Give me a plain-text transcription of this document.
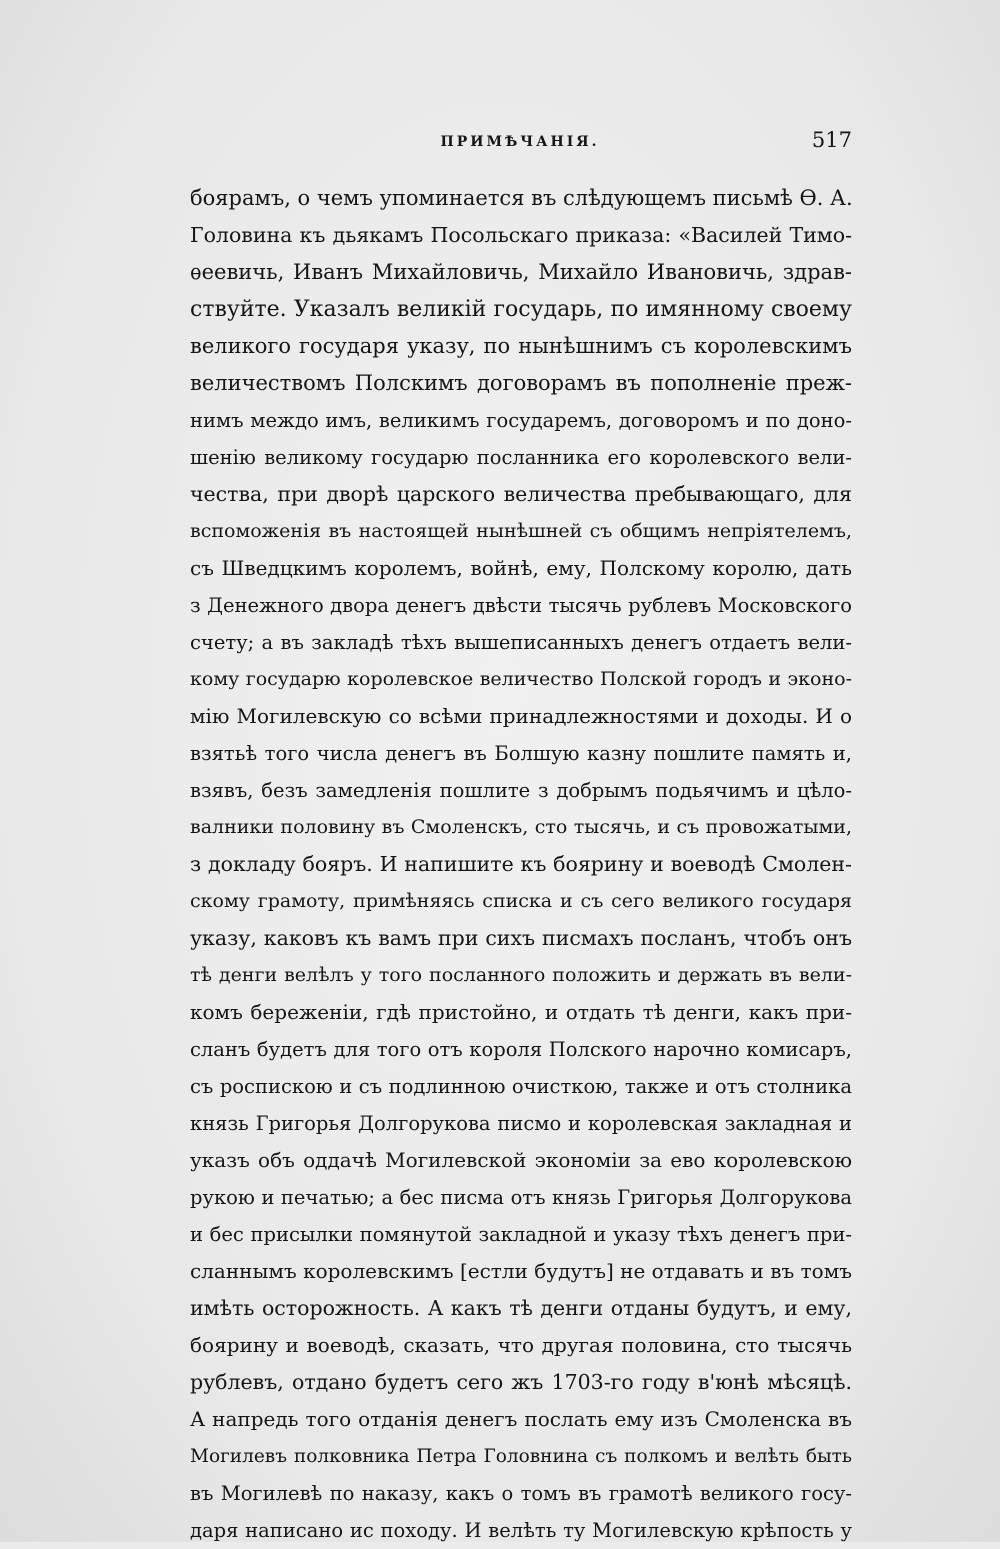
ПРИМѢЧАНІЯ.	517
боярамъ, о чемъ упоминается въ слѣдующемъ письмѣ Ѳ. А.
Головина къ дьякамъ Посольскаго приказа: «Василей Тимо-
ѳеевичь, Иванъ Михайловичь, Михайло Ивановичь, здрав-
ствуйте. Указалъ великій государь, по имянному своему
великого государя указу, по нынѣшнимъ съ королевскимъ
величествомъ Полскимъ договорамъ въ пополненіе преж-
нимъ междо имъ, великимъ государемъ, договоромъ и по доно-
шенію великому государю посланника его королевского вели-
чества, при дворѣ царского величества пребывающаго, для
вспоможенія въ настоящей нынѣшней съ общимъ непріятелемъ,
съ Шведцкимъ королемъ, войнѣ, ему, Полскому королю, дать
з Денежного двора денегъ двѣсти тысячь рублевъ Московского
счету; а въ закладѣ тѣхъ вышеписанныхъ денегъ отдаетъ вели-
кому государю королевское величество Полской городъ и эконо-
мію Могилевскую со всѣми принадлежностями и доходы. И о
взятьѣ того числа денегъ въ Болшую казну пошлите память и,
взявъ, безъ замедленія пошлите з добрымъ подьячимъ и цѣло-
валники половину въ Смоленскъ, сто тысячь, и съ провожатыми,
з докладу бояръ. И напишите къ боярину и воеводѣ Смолен-
скому грамоту, примѣняясь списка и съ сего великого государя
указу, каковъ къ вамъ при сихъ писмахъ посланъ, чтобъ онъ
тѣ денги велѣлъ у того посланного положить и держать въ вели-
комъ береженіи, гдѣ пристойно, и отдать тѣ денги, какъ при-
сланъ будетъ для того отъ короля Полского нарочно комисаръ,
съ роспискою и съ подлинною очисткою, также и отъ столника
князь Григорья Долгорукова писмо и королевская закладная и
указъ объ оддачѣ Могилевской экономіи за ево королевскою
рукою и печатью; а бес писма отъ князь Григорья Долгорукова
и бес присылки помянутой закладной и указу тѣхъ денегъ при-
сланнымъ королевскимъ [естли будутъ] не отдавать и въ томъ
имѣть осторожность. А какъ тѣ денги отданы будутъ, и ему,
боярину и воеводѣ, сказать, что другая половина, сто тысячь
рублевъ, отдано будетъ сего жъ 1703-го году в'юнѣ мѣсяцѣ.
А напредь того отданія денегъ послать ему изъ Смоленска въ
Могилевъ полковника Петра Головнина съ полкомъ и велѣть быть
въ Могилевѣ по наказу, какъ о томъ въ грамотѣ великого госу-
даря написано ис походу. И велѣть ту Могилевскую крѣпость у
